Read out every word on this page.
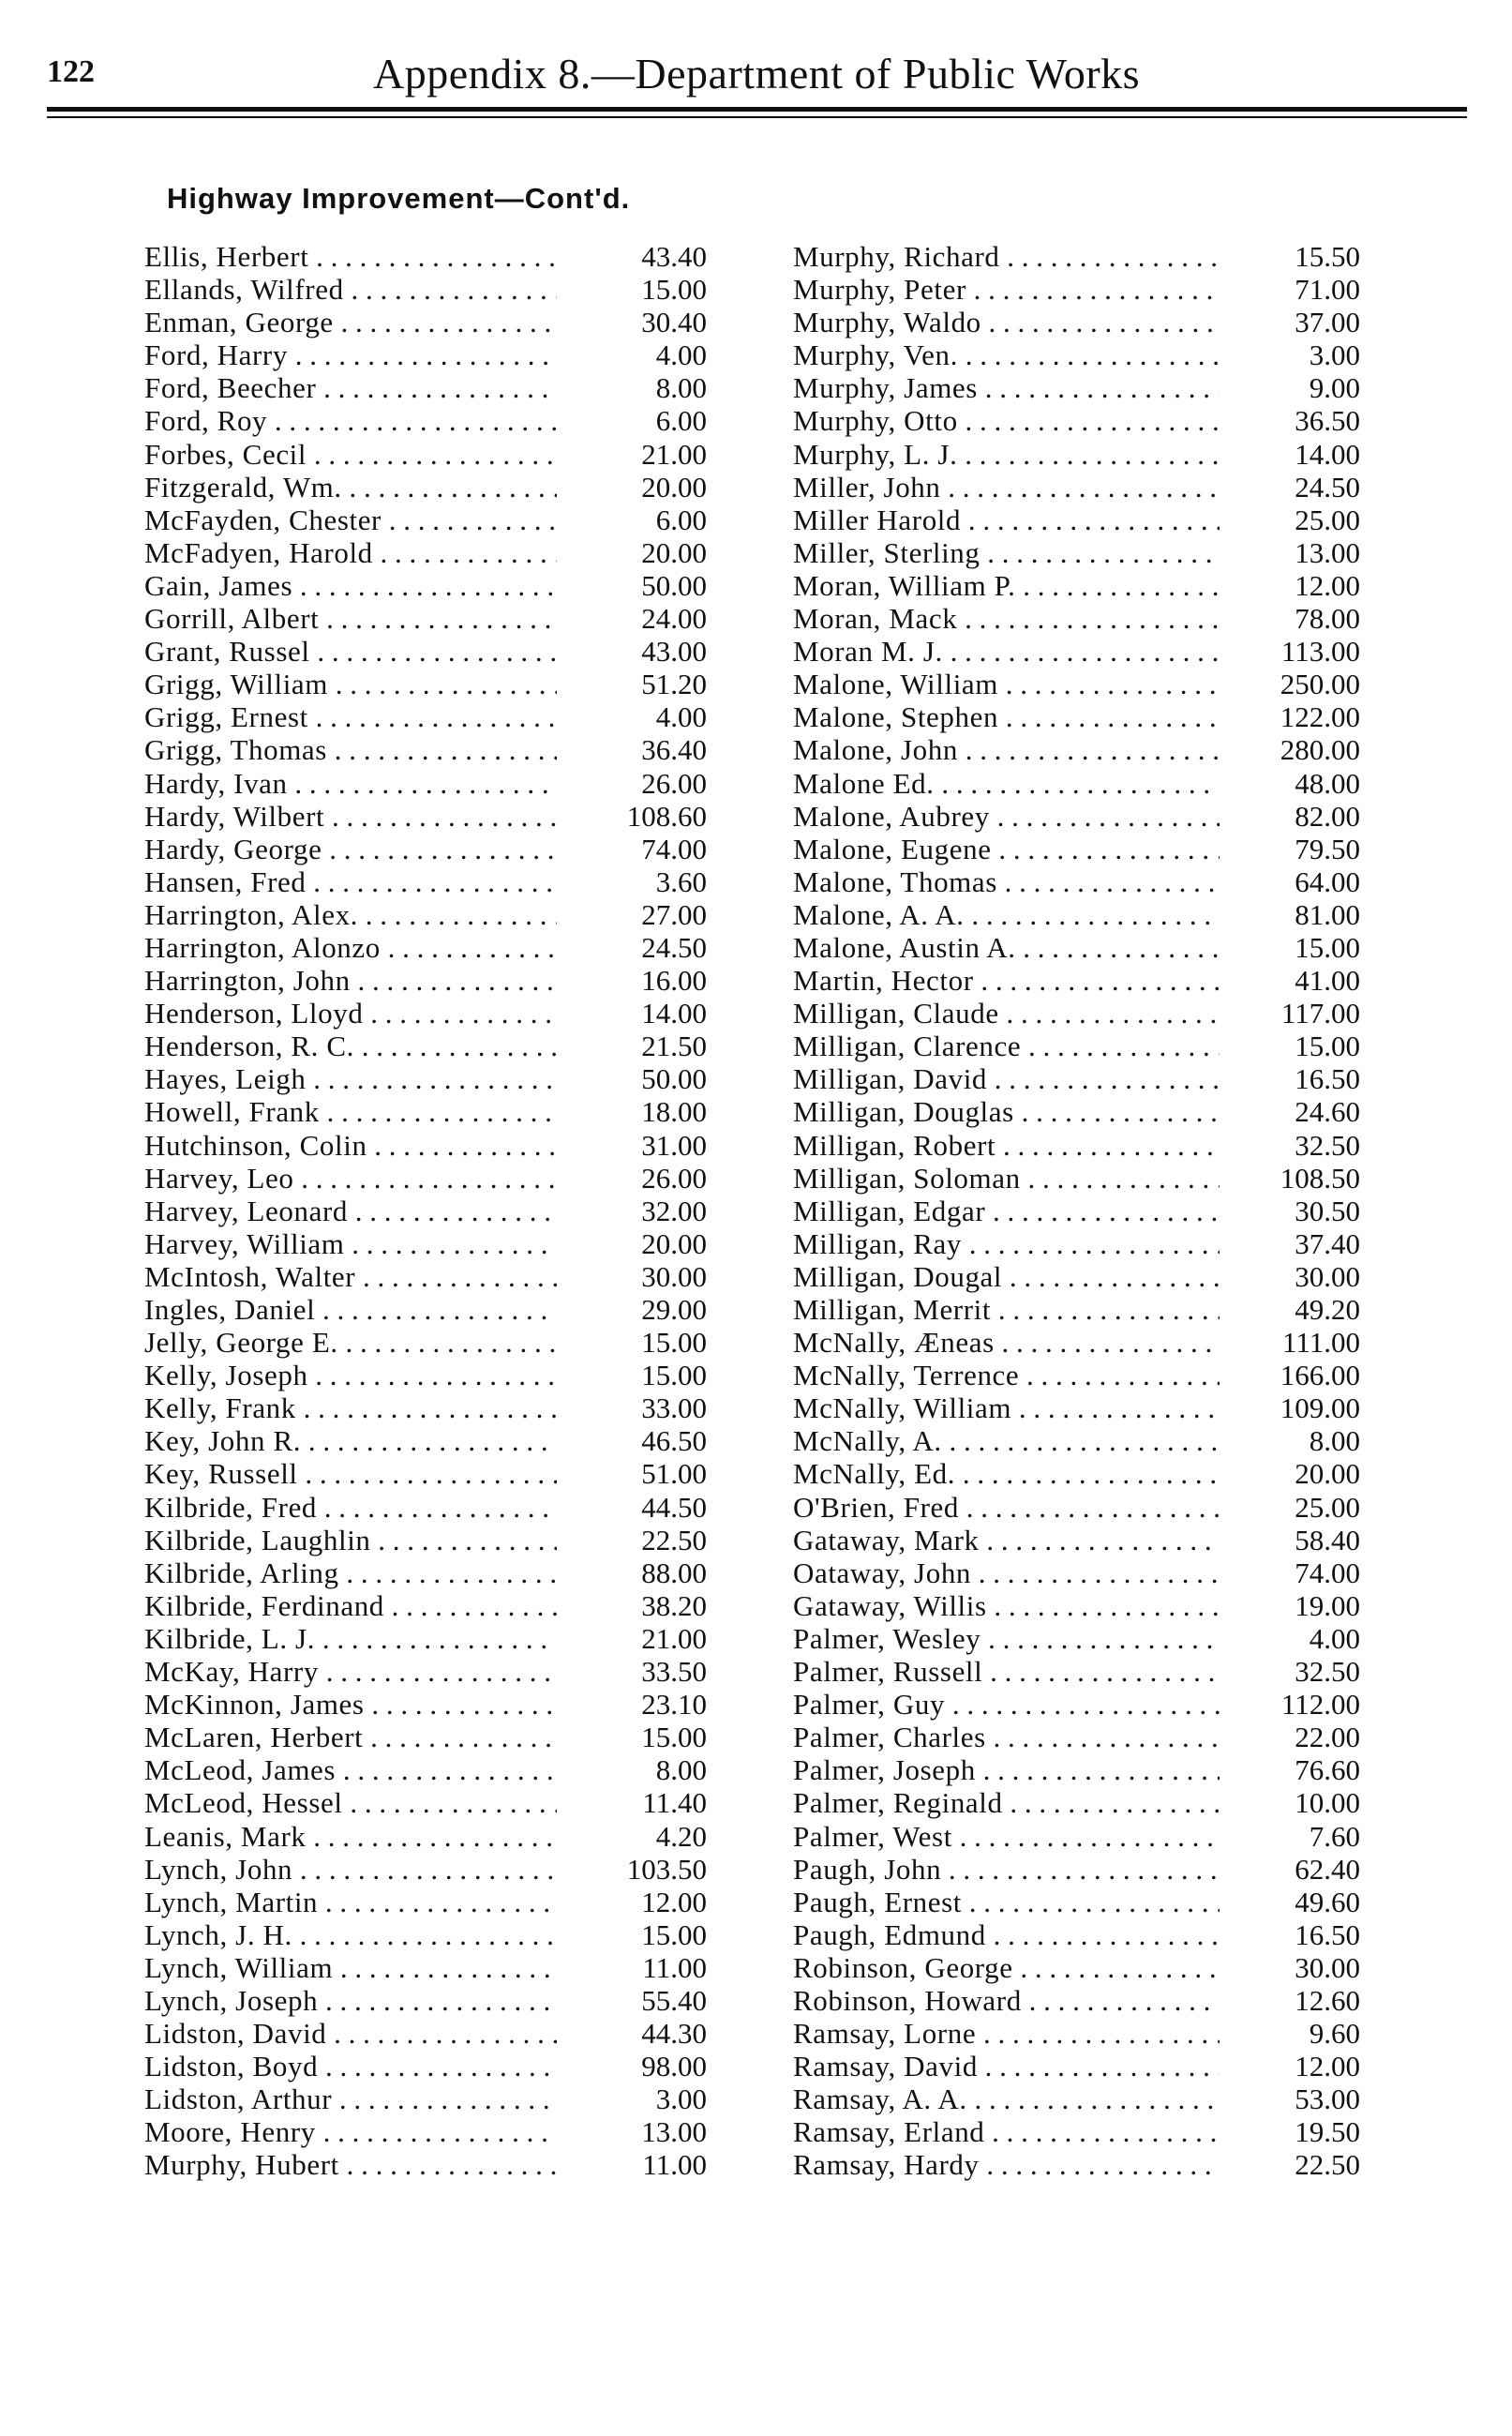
122	Appendix 8.—Department of Public Works
Highway Improvement—Cont'd.
Ellis, Herbert . . .	43.40
Ellands, Wilfred . . .	15.00
Enman, George . . .	30.40
Ford, Harry . . .	4.00
Ford, Beecher . . .	8.00
Ford, Roy . . .	6.00
Forbes, Cecil . . .	21.00
Fitzgerald, Wm. . . .	20.00
McFayden, Chester . . .	6.00
McFadyen, Harold . . .	20.00
Gain, James . . .	50.00
Gorrill, Albert . . .	24.00
Grant, Russel . . .	43.00
Grigg, William . . .	51.20
Grigg, Ernest . . .	4.00
Grigg, Thomas . . .	36.40
Hardy, Ivan . . .	26.00
Hardy, Wilbert . . .	108.60
Hardy, George . . .	74.00
Hansen, Fred . . .	3.60
Harrington, Alex. . . .	27.00
Harrington, Alonzo . . .	24.50
Harrington, John . . .	16.00
Henderson, Lloyd . . .	14.00
Henderson, R. C. . . .	21.50
Hayes, Leigh . . .	50.00
Howell, Frank . . .	18.00
Hutchinson, Colin . . .	31.00
Harvey, Leo . . .	26.00
Harvey, Leonard . . .	32.00
Harvey, William . . .	20.00
McIntosh, Walter . . .	30.00
Ingles, Daniel . . .	29.00
Jelly, George E. . . .	15.00
Kelly, Joseph . . .	15.00
Kelly, Frank . . .	33.00
Key, John R. . . .	46.50
Key, Russell . . .	51.00
Kilbride, Fred . . .	44.50
Kilbride, Laughlin . . .	22.50
Kilbride, Arling . . .	88.00
Kilbride, Ferdinand . . .	38.20
Kilbride, L. J. . . .	21.00
McKay, Harry . . .	33.50
McKinnon, James . . .	23.10
McLaren, Herbert . . .	15.00
McLeod, James . . .	8.00
McLeod, Hessel . . .	11.40
Leanis, Mark . . .	4.20
Lynch, John . . .	103.50
Lynch, Martin . . .	12.00
Lynch, J. H. . . .	15.00
Lynch, William . . .	11.00
Lynch, Joseph . . .	55.40
Lidston, David . . .	44.30
Lidston, Boyd . . .	98.00
Lidston, Arthur . . .	3.00
Moore, Henry . . .	13.00
Murphy, Hubert . . .	11.00
Murphy, Richard . . .	15.50
Murphy, Peter . . .	71.00
Murphy, Waldo . . .	37.00
Murphy, Ven. . . .	3.00
Murphy, James . . .	9.00
Murphy, Otto . . .	36.50
Murphy, L. J. . . .	14.00
Miller, John . . .	24.50
Miller Harold . . .	25.00
Miller, Sterling . . .	13.00
Moran, William P. . . .	12.00
Moran, Mack . . .	78.00
Moran M. J. . . .	113.00
Malone, William . . .	250.00
Malone, Stephen . . .	122.00
Malone, John . . .	280.00
Malone Ed. . . .	48.00
Malone, Aubrey . . .	82.00
Malone, Eugene . . .	79.50
Malone, Thomas . . .	64.00
Malone, A. A. . . .	81.00
Malone, Austin A. . . .	15.00
Martin, Hector . . .	41.00
Milligan, Claude . . .	117.00
Milligan, Clarence . . .	15.00
Milligan, David . . .	16.50
Milligan, Douglas . . .	24.60
Milligan, Robert . . .	32.50
Milligan, Soloman . . .	108.50
Milligan, Edgar . . .	30.50
Milligan, Ray . . .	37.40
Milligan, Dougal . . .	30.00
Milligan, Merrit . . .	49.20
McNally, Æneas . . .	111.00
McNally, Terrence . . .	166.00
McNally, William . . .	109.00
McNally, A. . . .	8.00
McNally, Ed. . . .	20.00
O'Brien, Fred . . .	25.00
Gataway, Mark . . .	58.40
Oataway, John . . .	74.00
Gataway, Willis . . .	19.00
Palmer, Wesley . . .	4.00
Palmer, Russell . . .	32.50
Palmer, Guy . . .	112.00
Palmer, Charles . . .	22.00
Palmer, Joseph . . .	76.60
Palmer, Reginald . . .	10.00
Palmer, West . . .	7.60
Paugh, John . . .	62.40
Paugh, Ernest . . .	49.60
Paugh, Edmund . . .	16.50
Robinson, George . . .	30.00
Robinson, Howard . . .	12.60
Ramsay, Lorne . . .	9.60
Ramsay, David . . .	12.00
Ramsay, A. A. . . .	53.00
Ramsay, Erland . . .	19.50
Ramsay, Hardy . . .	22.50
